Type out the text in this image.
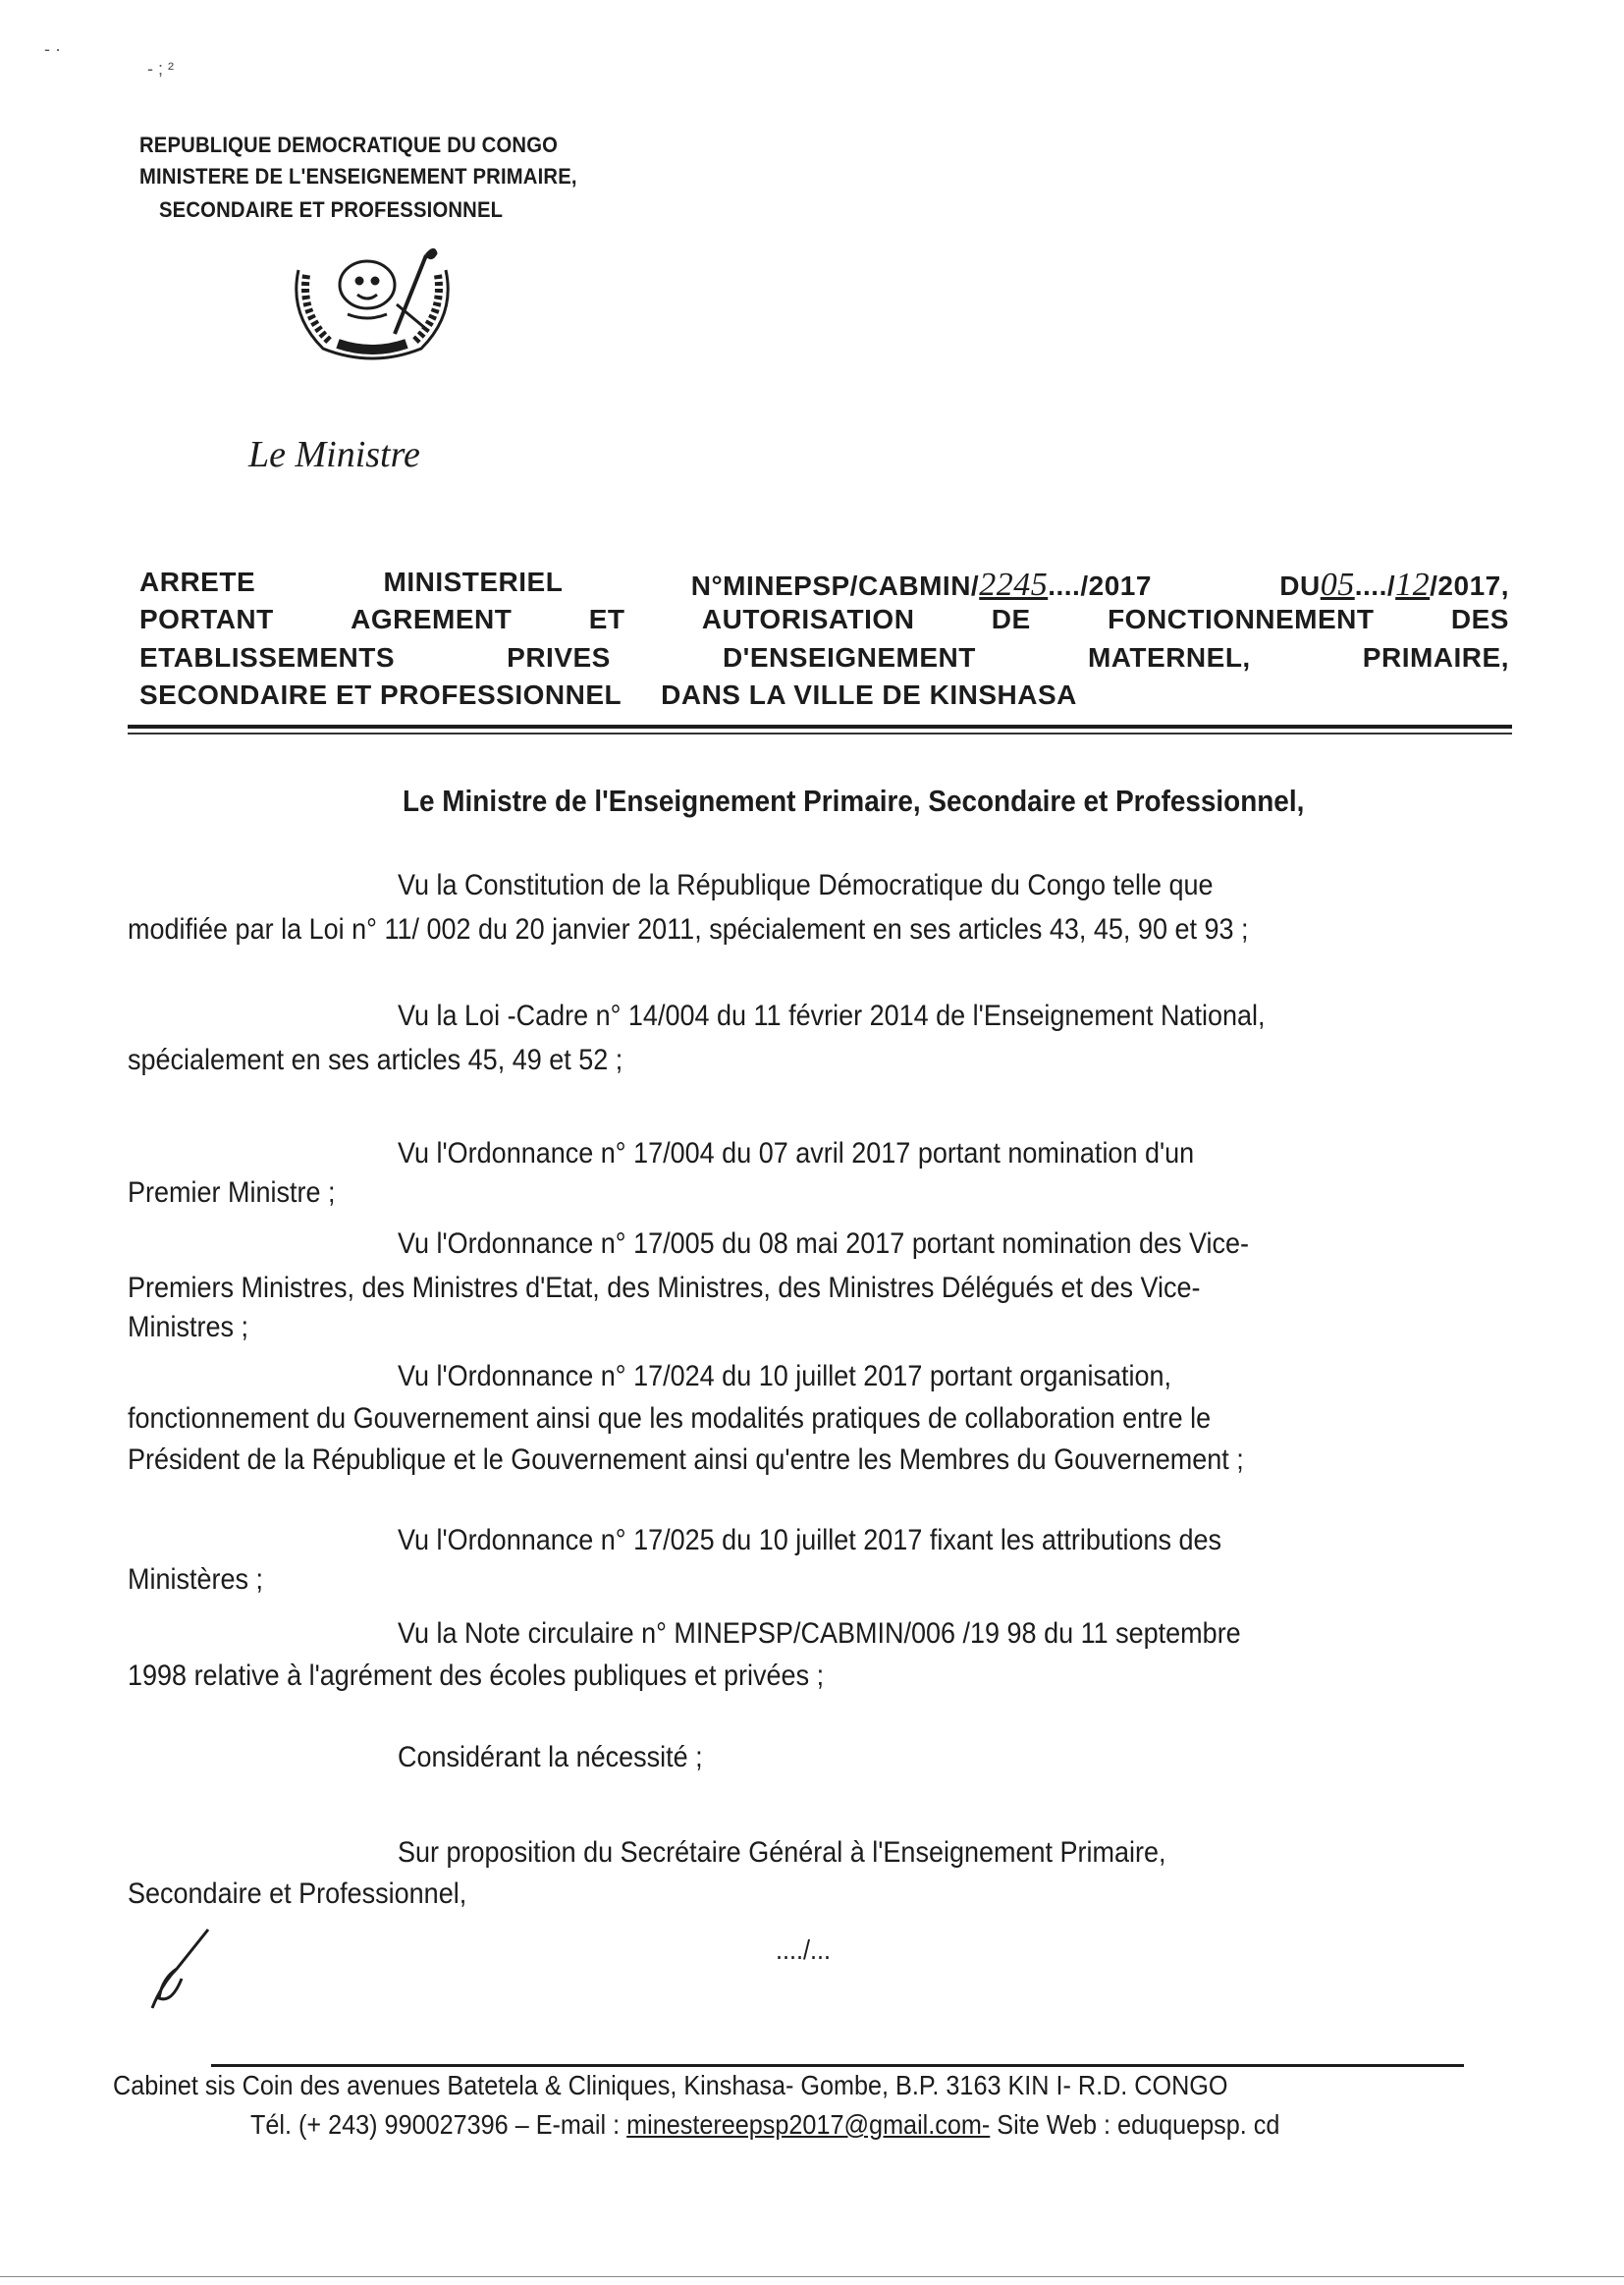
- ·
- ; ²
REPUBLIQUE DEMOCRATIQUE DU CONGO
MINISTERE DE L'ENSEIGNEMENT PRIMAIRE,
SECONDAIRE ET PROFESSIONNEL
Le Ministre
ARRETE	MINISTERIEL	N°MINEPSP/CABMIN/2245..../2017	DU05..../12/2017,
PORTANT	AGREMENT	ET	AUTORISATION	DE	FONCTIONNEMENT	DES
ETABLISSEMENTS	PRIVES	D'ENSEIGNEMENT	MATERNEL,	PRIMAIRE,
SECONDAIRE ET PROFESSIONNEL DANS LA VILLE DE KINSHASA
Le Ministre de l'Enseignement Primaire, Secondaire et Professionnel,
Vu la Constitution de la République Démocratique du Congo telle que
modifiée par la Loi n° 11/ 002 du 20 janvier 2011, spécialement en ses articles 43, 45, 90 et 93 ;
Vu la Loi -Cadre n° 14/004 du 11 février 2014 de l'Enseignement National,
spécialement en ses articles 45, 49 et 52 ;
Vu l'Ordonnance n° 17/004 du 07 avril 2017 portant nomination d'un
Premier Ministre ;
Vu l'Ordonnance n° 17/005 du 08 mai 2017 portant nomination des Vice-
Premiers Ministres, des Ministres d'Etat, des Ministres, des Ministres Délégués et des Vice-
Ministres ;
Vu l'Ordonnance n° 17/024 du 10 juillet 2017 portant organisation,
fonctionnement du Gouvernement ainsi que les modalités pratiques de collaboration entre le
Président de la République et le Gouvernement ainsi qu'entre les Membres du Gouvernement ;
Vu l'Ordonnance n° 17/025 du 10 juillet 2017 fixant les attributions des
Ministères ;
Vu la Note circulaire n° MINEPSP/CABMIN/006 /19 98 du 11 septembre
1998 relative à l'agrément des écoles publiques et privées ;
Considérant la nécessité ;
Sur proposition du Secrétaire Général à l'Enseignement Primaire,
Secondaire et Professionnel,
..../...
Cabinet sis Coin des avenues Batetela & Cliniques, Kinshasa- Gombe, B.P. 3163 KIN I- R.D. CONGO
Tél. (+ 243) 990027396 – E-mail : minestereepsp2017@gmail.com- Site Web : eduquepsp. cd
